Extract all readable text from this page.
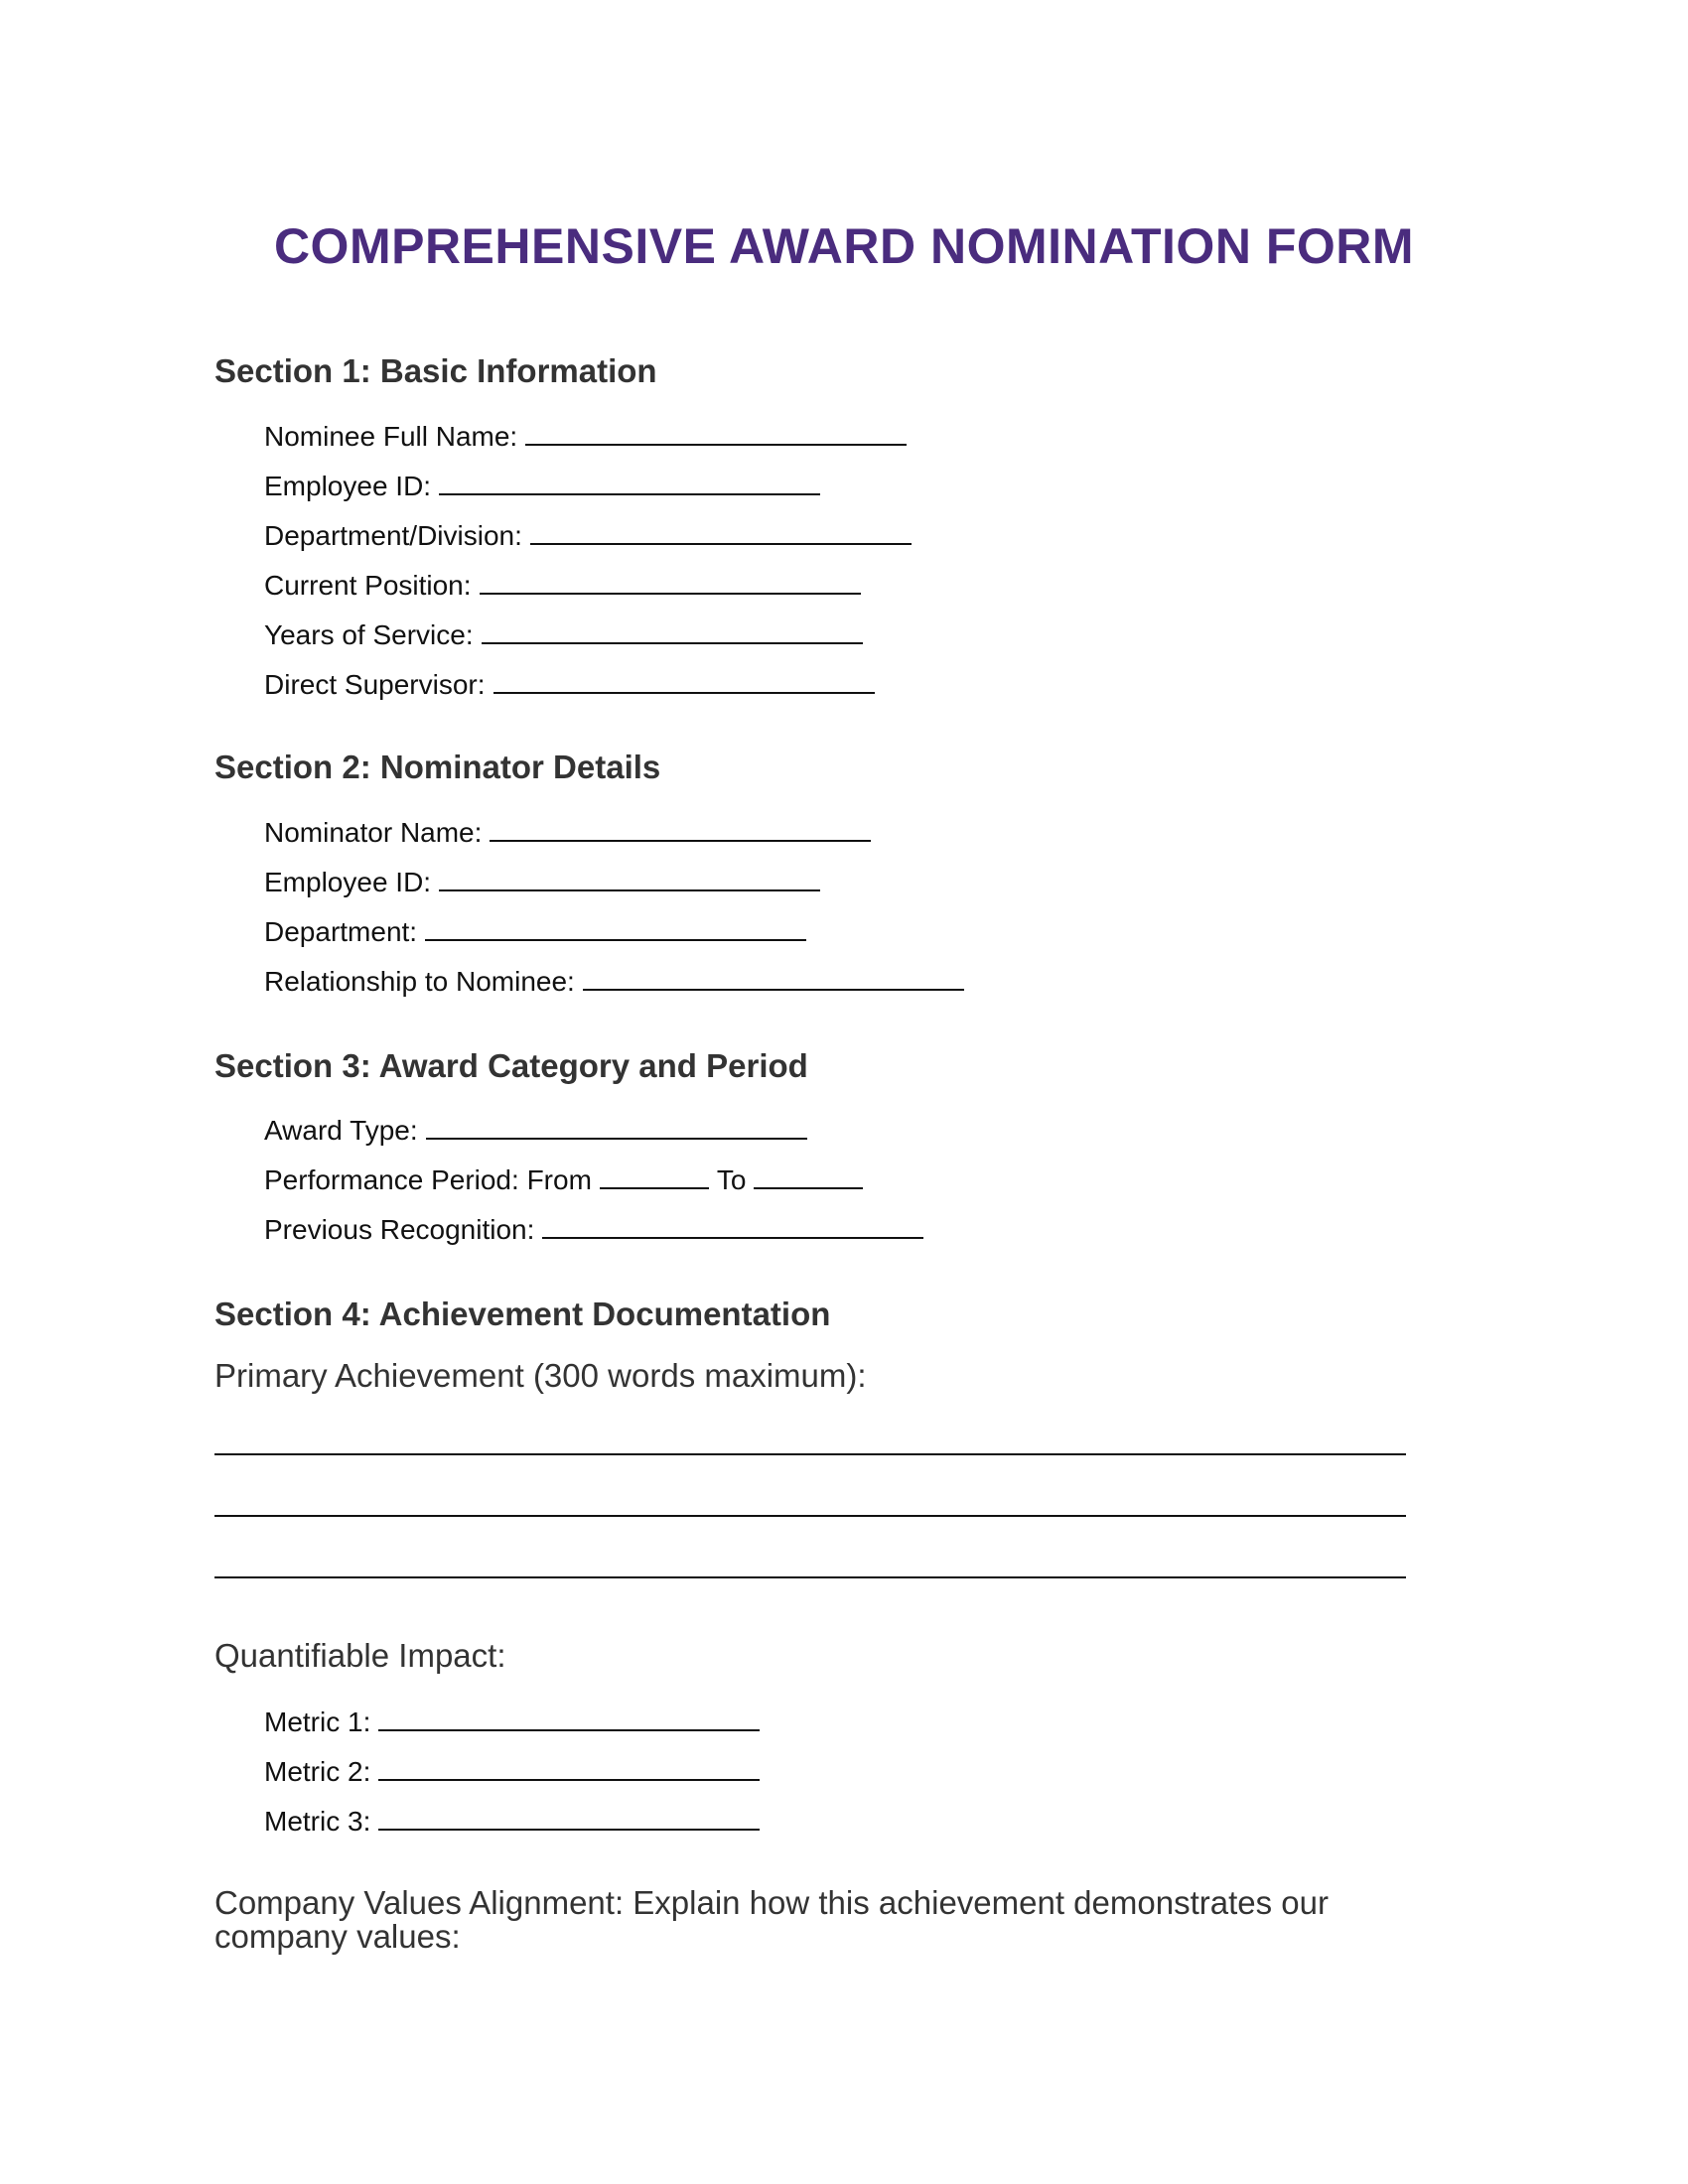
COMPREHENSIVE AWARD NOMINATION FORM
Section 1: Basic Information
Nominee Full Name:
Employee ID:
Department/Division:
Current Position:
Years of Service:
Direct Supervisor:
Section 2: Nominator Details
Nominator Name:
Employee ID:
Department:
Relationship to Nominee:
Section 3: Award Category and Period
Award Type:
Performance Period: From	To
Previous Recognition:
Section 4: Achievement Documentation
Primary Achievement (300 words maximum):
Quantifiable Impact:
Metric 1:
Metric 2:
Metric 3:
Company Values Alignment: Explain how this achievement demonstrates our company values:
